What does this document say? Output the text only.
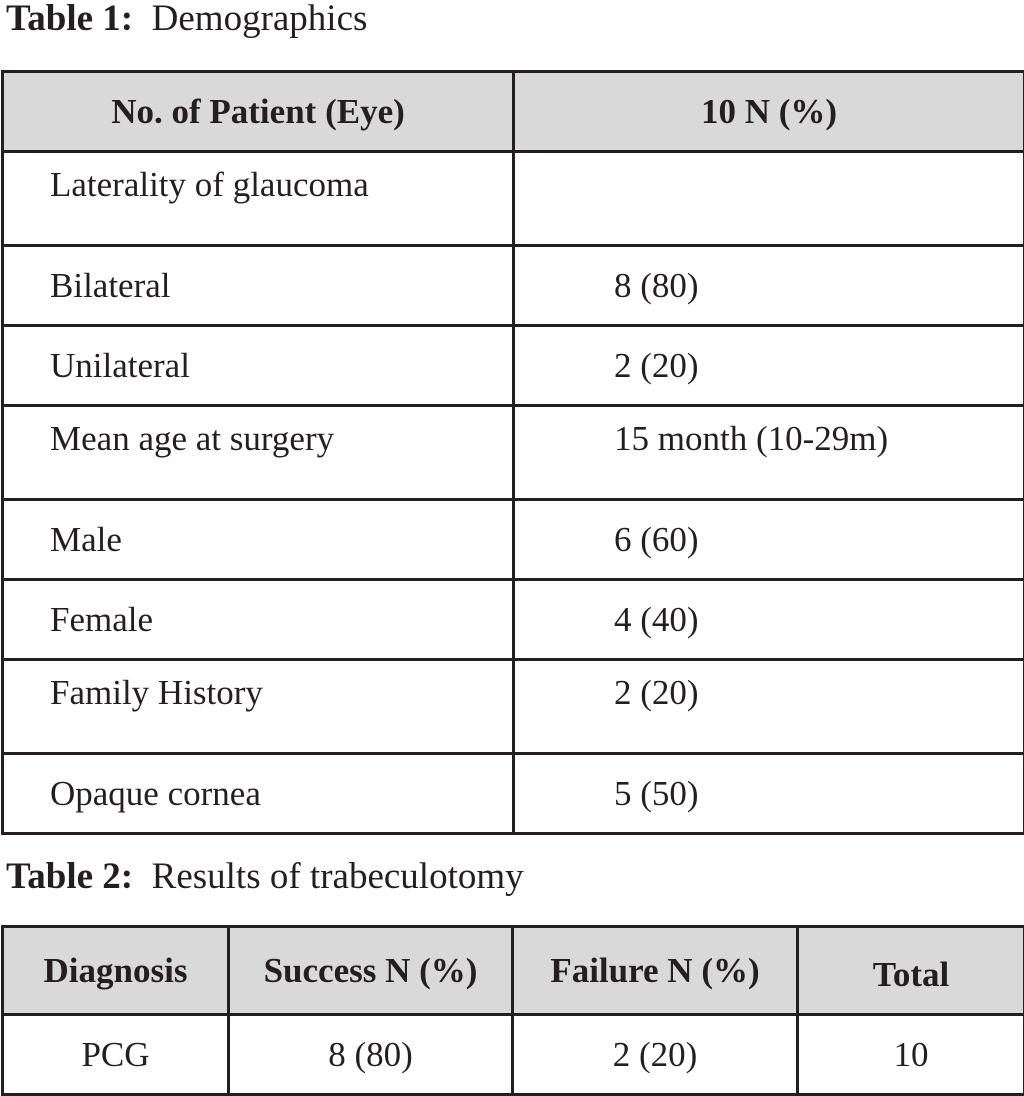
Table 1: Demographics
No. of Patient (Eye)	10 N (%)
Laterality of glaucoma	
Bilateral	8 (80)
Unilateral	2 (20)
Mean age at surgery	15 month (10-29m)
Male	6 (60)
Female	4 (40)
Family History	2 (20)
Opaque cornea	5 (50)
Table 2: Results of trabeculotomy
Diagnosis	Success N (%)	Failure N (%)	Total
PCG	8 (80)	2 (20)	10
